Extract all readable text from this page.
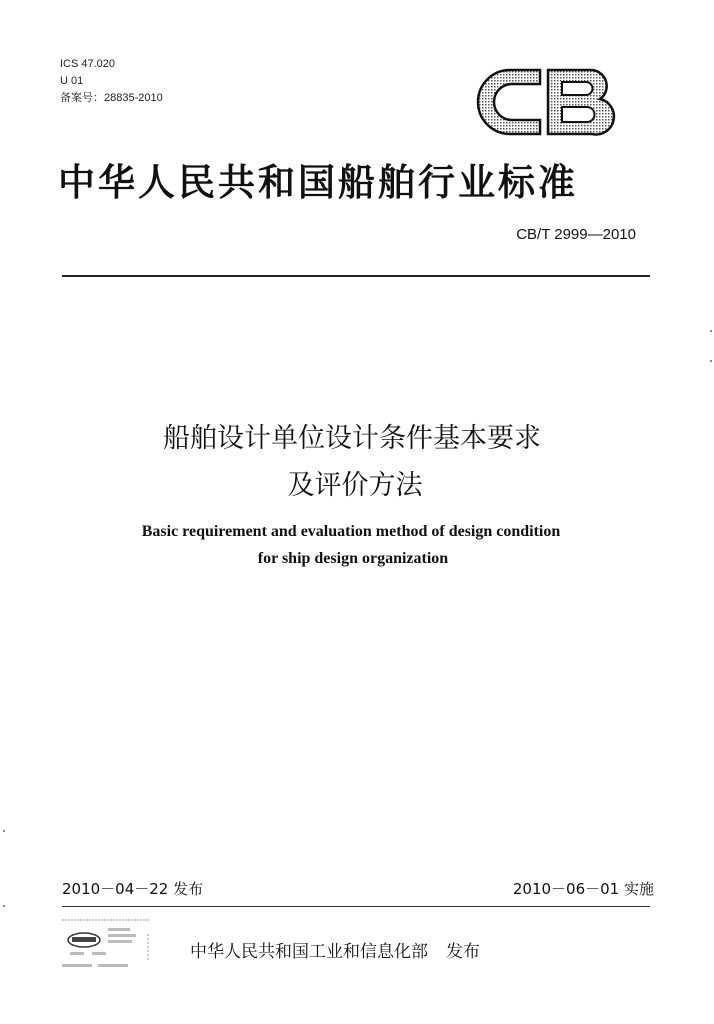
ICS 47.020
U 01
备案号：28835-2010
中华人民共和国船舶行业标准
CB/T 2999—2010
船舶设计单位设计条件基本要求
及评价方法
Basic requirement and evaluation method of design condition
for ship design organization
2010－04－22 发布	2010－06－01 实施
中华人民共和国工业和信息化部 发布
